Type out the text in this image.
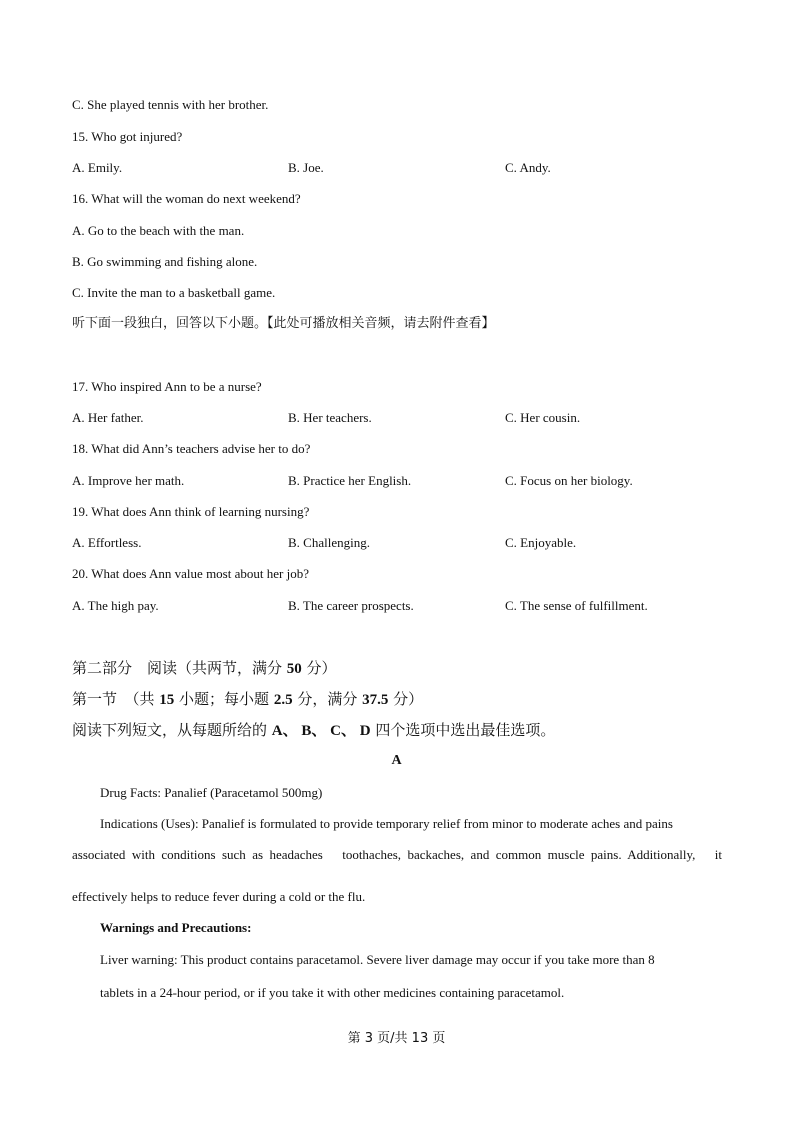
C. She played tennis with her brother.
15. Who got injured?
A. Emily.	B. Joe.	C. Andy.
16. What will the woman do next weekend?
A. Go to the beach with the man.
B. Go swimming and fishing alone.
C. Invite the man to a basketball game.
听下面一段独白，回答以下小题。【此处可播放相关音频，请去附件查看】
17. Who inspired Ann to be a nurse?
A. Her father.	B. Her teachers.	C. Her cousin.
18. What did Ann’s teachers advise her to do?
A. Improve her math.	B. Practice her English.	C. Focus on her biology.
19. What does Ann think of learning nursing?
A. Effortless.	B. Challenging.	C. Enjoyable.
20. What does Ann value most about her job?
A. The high pay.	B. The career prospects.	C. The sense of fulfillment.
第二部分　阅读（共两节，满分 50 分）
第一节　（共 15 小题；每小题 2.5 分，满分 37.5 分）
阅读下列短文，从每题所给的 A、 B、 C、 D 四个选项中选出最佳选项。
A
Drug Facts: Panalief (Paracetamol 500mg)
Indications (Uses): Panalief is formulated to provide temporary relief from minor to moderate aches and pains
associated with conditions such as headaches　toothaches, backaches, and common muscle pains. Additionally,　it
effectively helps to reduce fever during a cold or the flu.
Warnings and Precautions:
Liver warning: This product contains paracetamol. Severe liver damage may occur if you take more than 8
tablets in a 24-hour period, or if you take it with other medicines containing paracetamol.
第 3 页/共 13 页
